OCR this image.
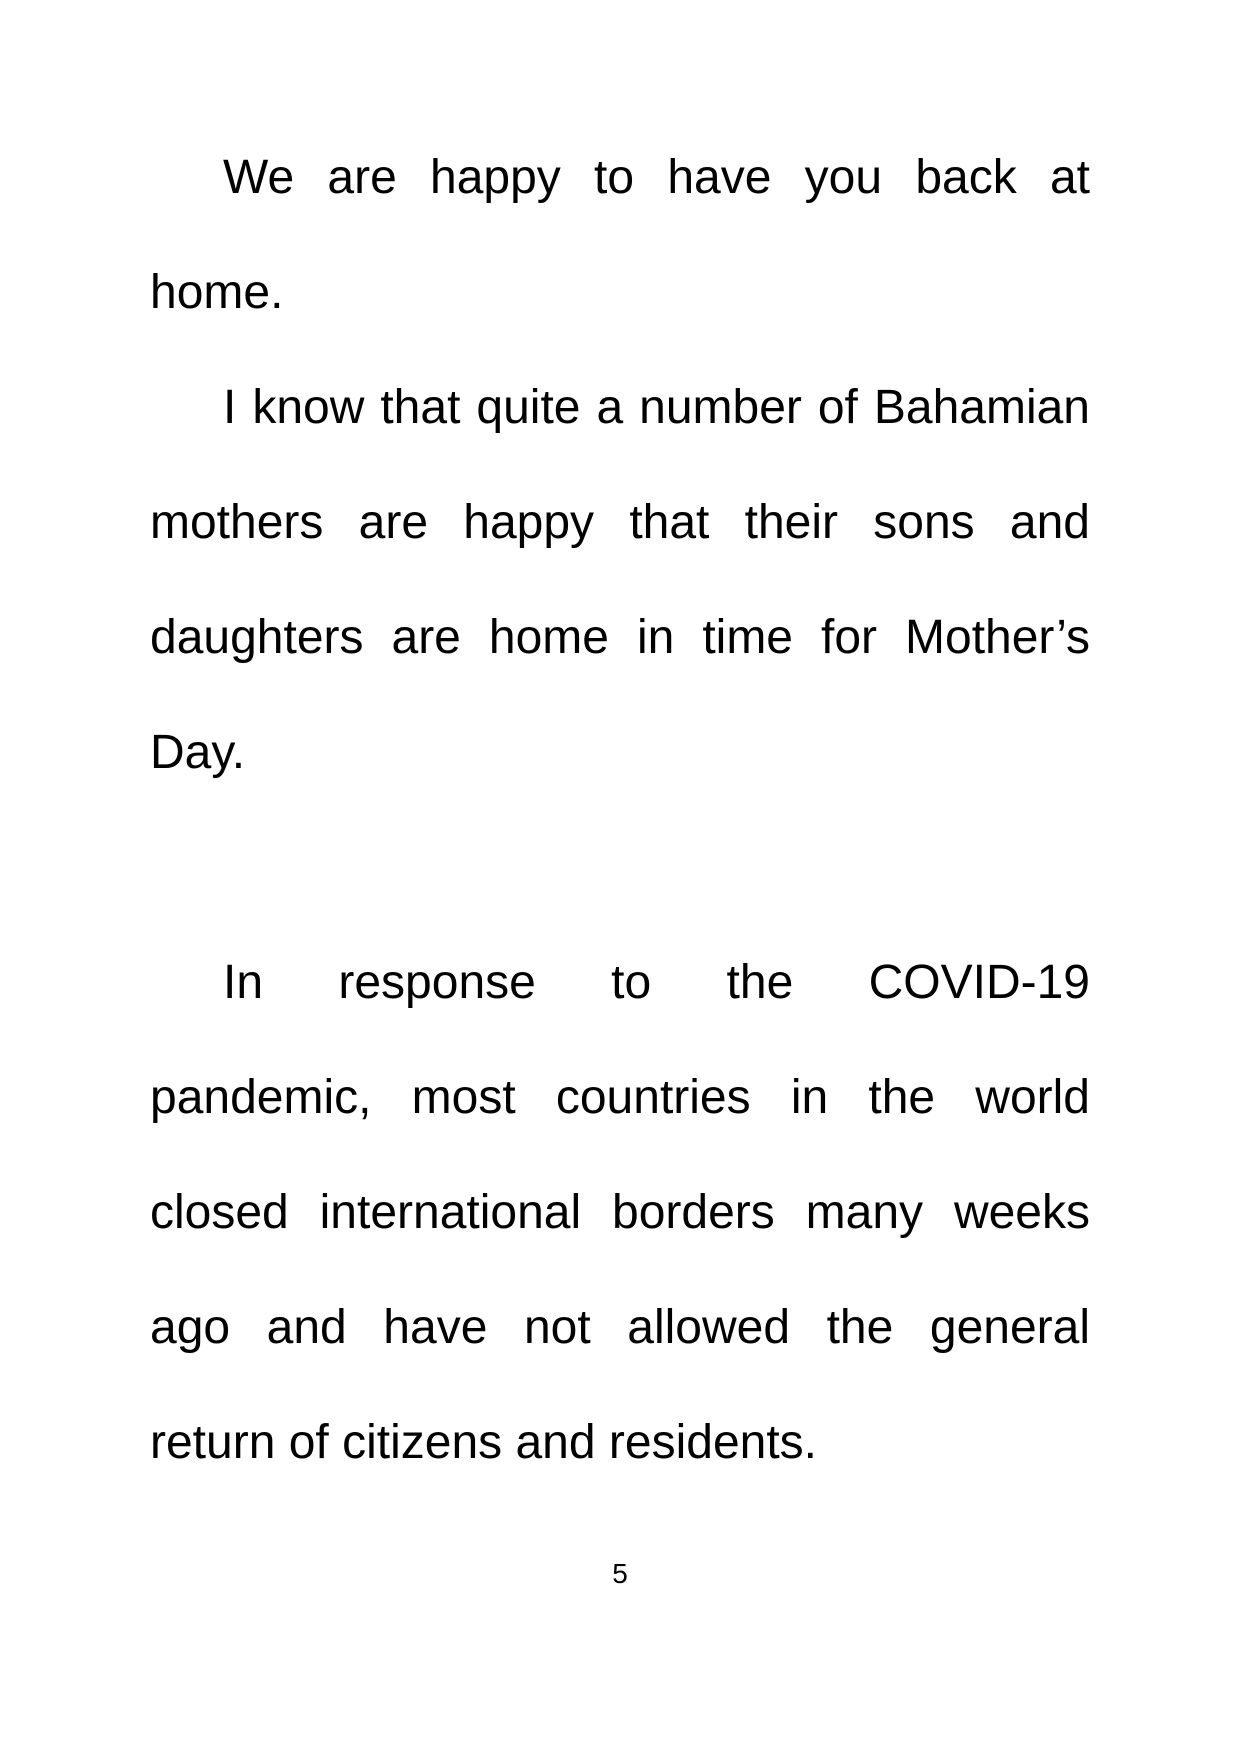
We are happy to have you back at
home.
I know that quite a number of Bahamian
mothers are happy that their sons and
daughters are home in time for Mother’s
Day.
In response to the COVID-19
pandemic, most countries in the world
closed international borders many weeks
ago and have not allowed the general
return of citizens and residents.
5
